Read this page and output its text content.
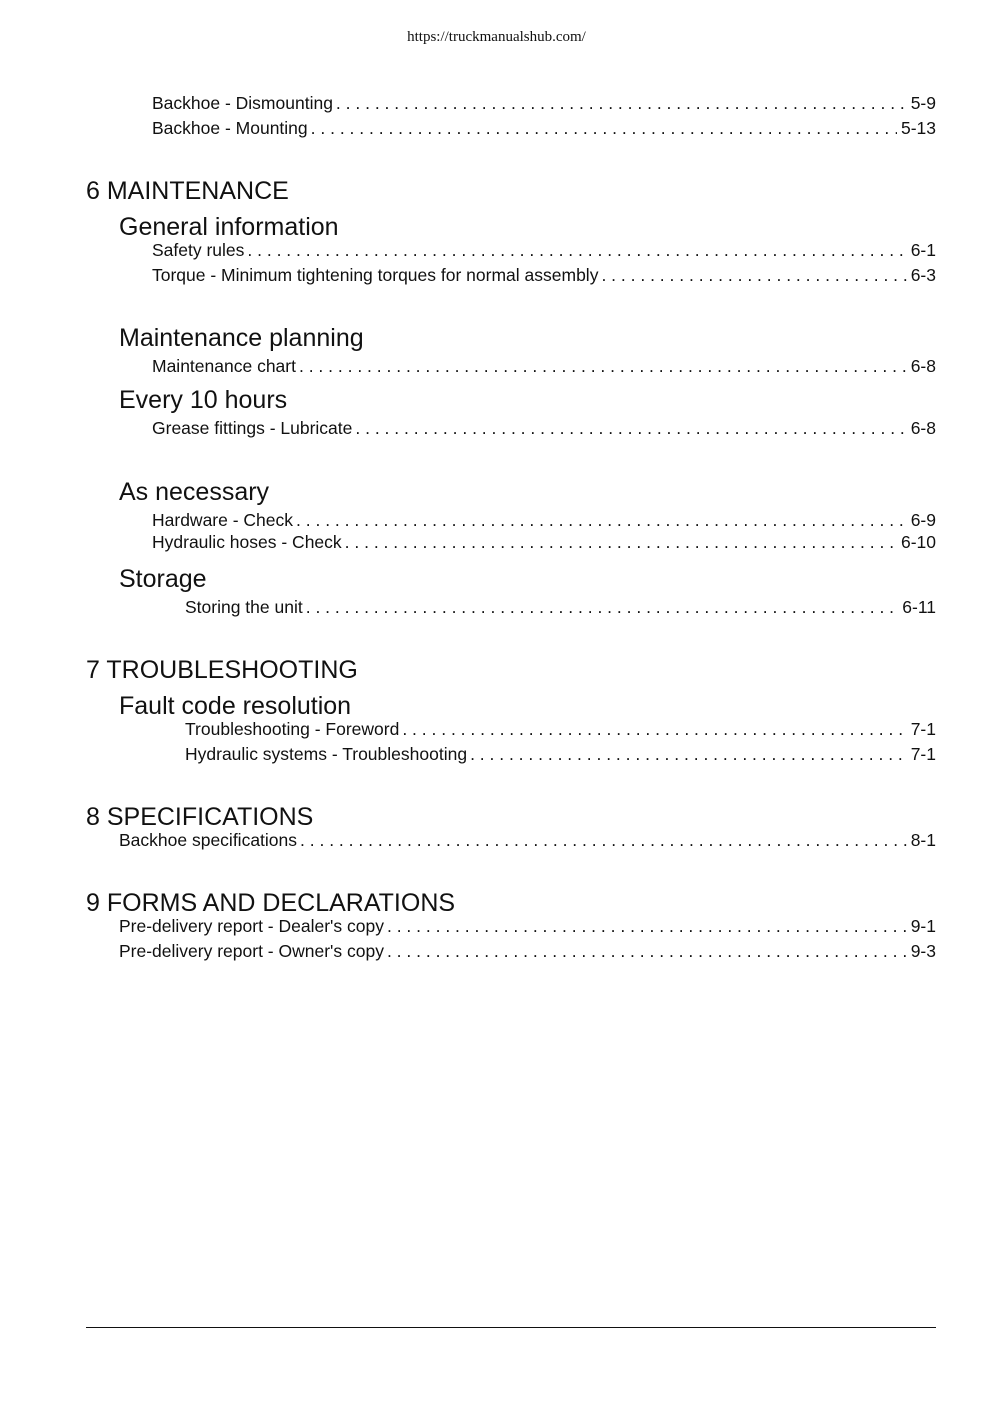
https://truckmanualshub.com/
Backhoe - Dismounting . . .	5-9
Backhoe - Mounting . . .	5-13
6 MAINTENANCE
General information
Safety rules . . .	6-1
Torque - Minimum tightening torques for normal assembly . . .	6-3
Maintenance planning
Maintenance chart . . .	6-8
Every 10 hours
Grease fittings - Lubricate . . .	6-8
As necessary
Hardware - Check . . .	6-9
Hydraulic hoses - Check . . .	6-10
Storage
Storing the unit . . .	6-11
7 TROUBLESHOOTING
Fault code resolution
Troubleshooting - Foreword . . .	7-1
Hydraulic systems - Troubleshooting . . .	7-1
8 SPECIFICATIONS
Backhoe specifications . . .	8-1
9 FORMS AND DECLARATIONS
Pre-delivery report - Dealer's copy . . .	9-1
Pre-delivery report - Owner's copy . . .	9-3
